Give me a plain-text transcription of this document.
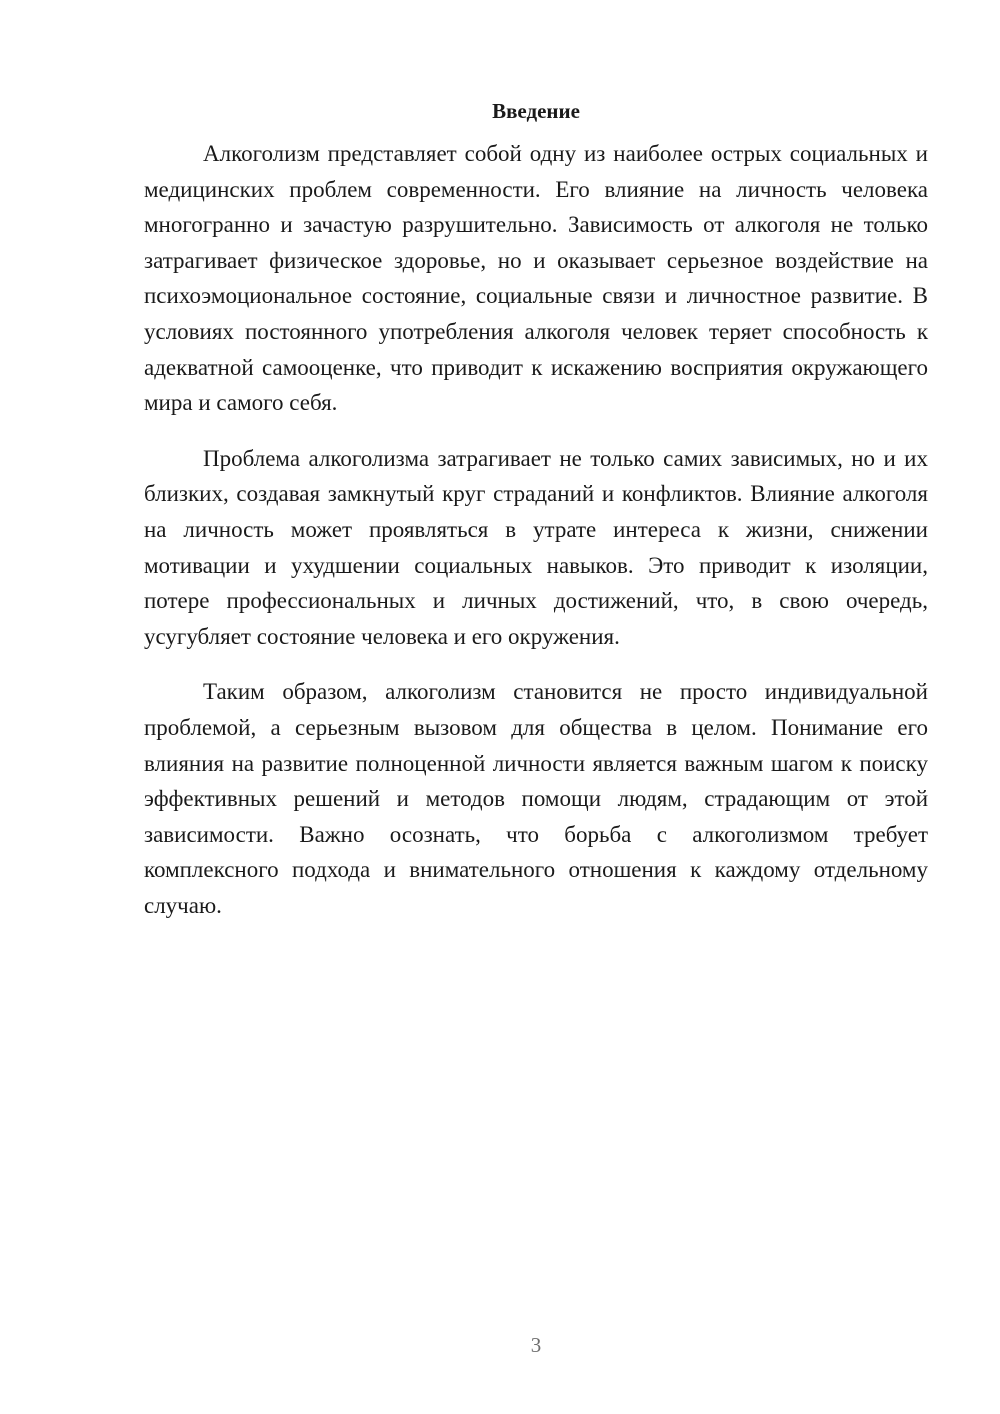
Введение

Алкоголизм представляет собой одну из наиболее острых социальных и медицинских проблем современности. Его влияние на личность человека многогранно и зачастую разрушительно. Зависимость от алкоголя не только затрагивает физическое здоровье, но и оказывает серьезное воздействие на психоэмоциональное состояние, социальные связи и личностное развитие. В условиях постоянного употребления алкоголя человек теряет способность к адекватной самооценке, что приводит к искажению восприятия окружающего мира и самого себя.

Проблема алкоголизма затрагивает не только самих зависимых, но и их близких, создавая замкнутый круг страданий и конфликтов. Влияние алкоголя на личность может проявляться в утрате интереса к жизни, снижении мотивации и ухудшении социальных навыков. Это приводит к изоляции, потере профессиональных и личных достижений, что, в свою очередь, усугубляет состояние человека и его окружения.

Таким образом, алкоголизм становится не просто индивидуальной проблемой, а серьезным вызовом для общества в целом. Понимание его влияния на развитие полноценной личности является важным шагом к поиску эффективных решений и методов помощи людям, страдающим от этой зависимости. Важно осознать, что борьба с алкоголизмом требует комплексного подхода и внимательного отношения к каждому отдельному случаю.

3
